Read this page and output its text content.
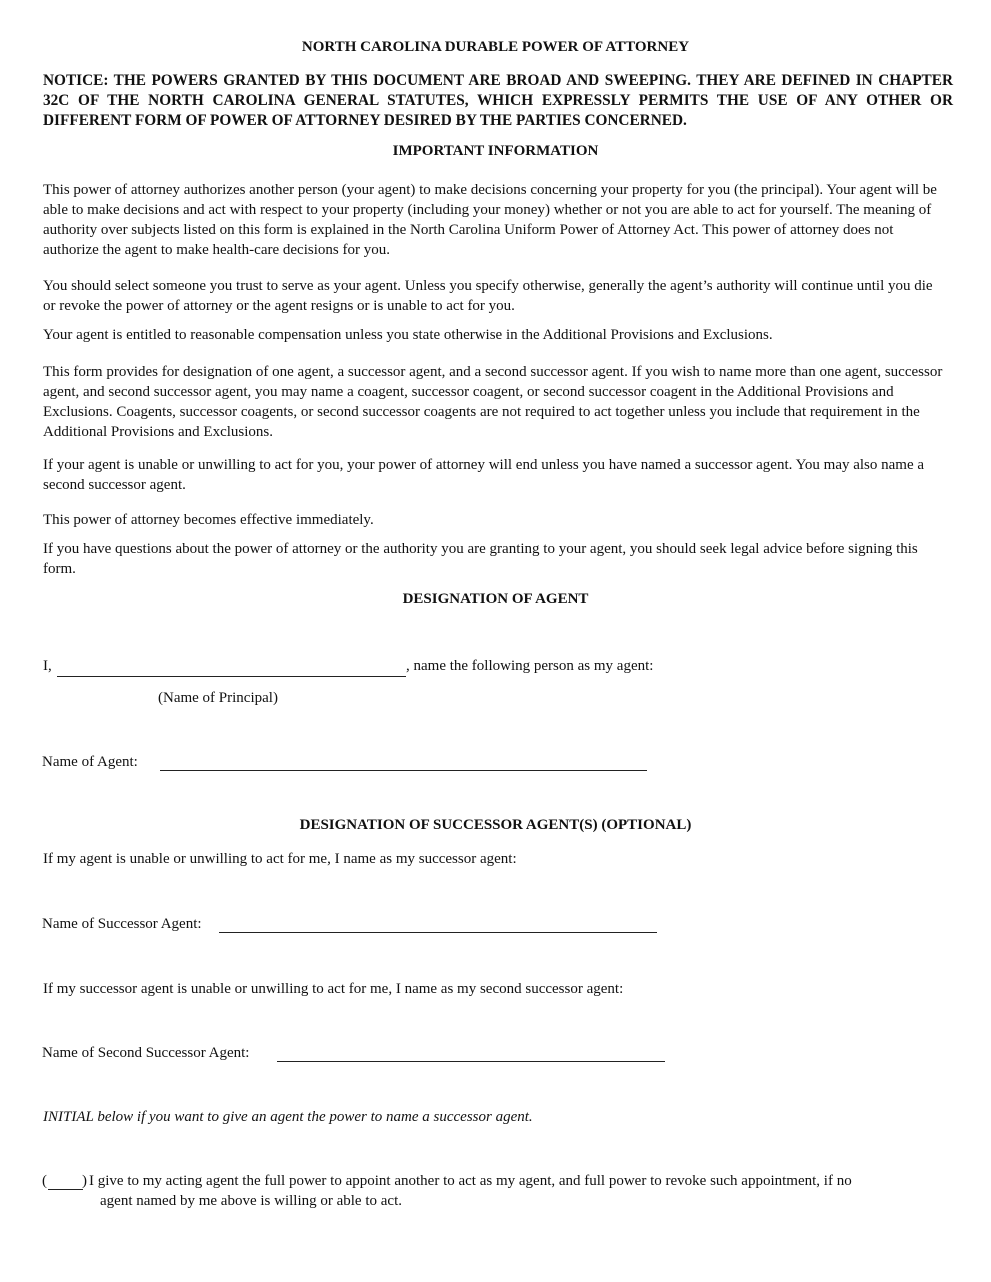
NORTH CAROLINA DURABLE POWER OF ATTORNEY
NOTICE: THE POWERS GRANTED BY THIS DOCUMENT ARE BROAD AND SWEEPING. THEY ARE DEFINED IN CHAPTER 32C OF THE NORTH CAROLINA GENERAL STATUTES, WHICH EXPRESSLY PERMITS THE USE OF ANY OTHER OR DIFFERENT FORM OF POWER OF ATTORNEY DESIRED BY THE PARTIES CONCERNED.
IMPORTANT INFORMATION
This power of attorney authorizes another person (your agent) to make decisions concerning your property for you (the principal). Your agent will be able to make decisions and act with respect to your property (including your money) whether or not you are able to act for yourself. The meaning of authority over subjects listed on this form is explained in the North Carolina Uniform Power of Attorney Act. This power of attorney does not authorize the agent to make health-care decisions for you.
You should select someone you trust to serve as your agent. Unless you specify otherwise, generally the agent’s authority will continue until you die or revoke the power of attorney or the agent resigns or is unable to act for you.
Your agent is entitled to reasonable compensation unless you state otherwise in the Additional Provisions and Exclusions.
This form provides for designation of one agent, a successor agent, and a second successor agent. If you wish to name more than one agent, successor agent, and second successor agent, you may name a coagent, successor coagent, or second successor coagent in the Additional Provisions and Exclusions. Coagents, successor coagents, or second successor coagents are not required to act together unless you include that requirement in the Additional Provisions and Exclusions.
If your agent is unable or unwilling to act for you, your power of attorney will end unless you have named a successor agent. You may also name a second successor agent.
This power of attorney becomes effective immediately.
If you have questions about the power of attorney or the authority you are granting to your agent, you should seek legal advice before signing this form.
DESIGNATION OF AGENT
I,	, name the following person as my agent:
(Name of Principal)
Name of Agent:
DESIGNATION OF SUCCESSOR AGENT(S) (OPTIONAL)
If my agent is unable or unwilling to act for me, I name as my successor agent:
Name of Successor Agent:
If my successor agent is unable or unwilling to act for me, I name as my second successor agent:
Name of Second Successor Agent:
INITIAL below if you want to give an agent the power to name a successor agent.
(	) I give to my acting agent the full power to appoint another to act as my agent, and full power to revoke such appointment, if no
agent named by me above is willing or able to act.
